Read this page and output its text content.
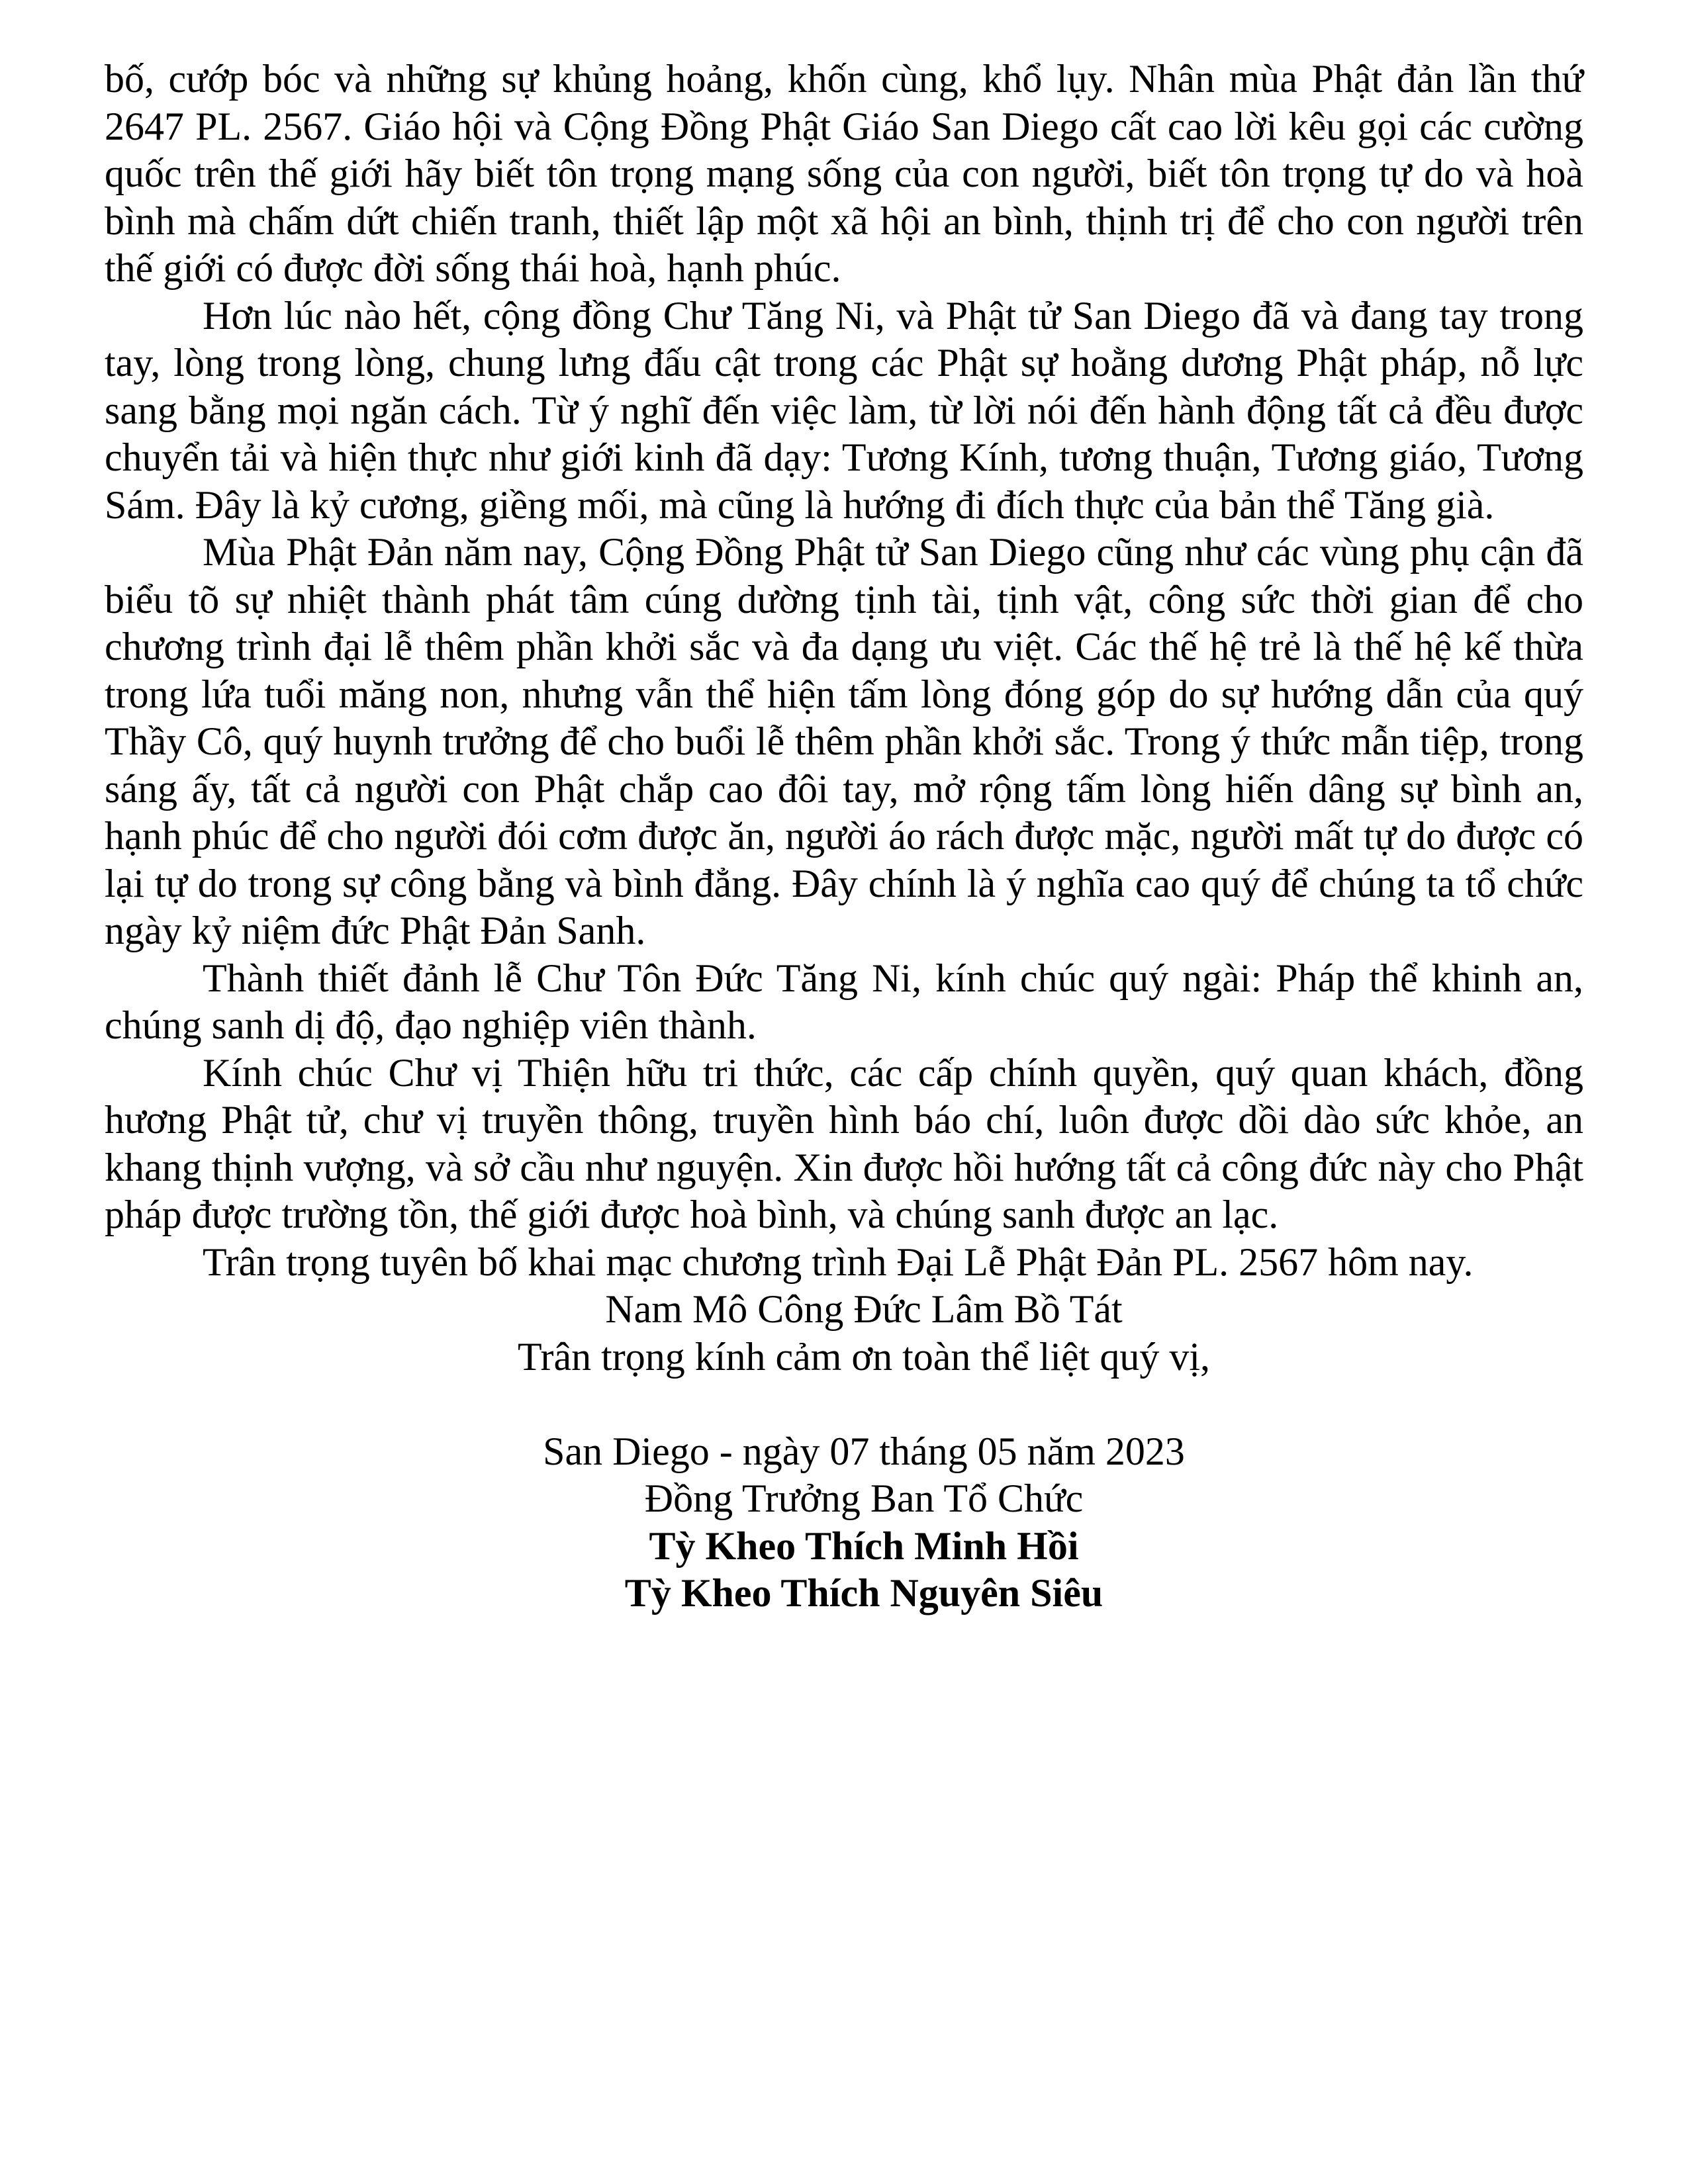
bố, cướp bóc và những sự khủng hoảng, khốn cùng, khổ lụy. Nhân mùa Phật đản lần thứ 2647 PL. 2567. Giáo hội và Cộng Đồng Phật Giáo San Diego cất cao lời kêu gọi các cường quốc trên thế giới hãy biết tôn trọng mạng sống của con người, biết tôn trọng tự do và hoà bình mà chấm dứt chiến tranh, thiết lập một xã hội an bình, thịnh trị để cho con người trên thế giới có được đời sống thái hoà, hạnh phúc.

Hơn lúc nào hết, cộng đồng Chư Tăng Ni, và Phật tử San Diego đã và đang tay trong tay, lòng trong lòng, chung lưng đấu cật trong các Phật sự hoằng dương Phật pháp, nỗ lực sang bằng mọi ngăn cách. Từ ý nghĩ đến việc làm, từ lời nói đến hành động tất cả đều được chuyển tải và hiện thực như giới kinh đã dạy: Tương Kính, tương thuận, Tương giáo, Tương Sám. Đây là kỷ cương, giềng mối, mà cũng là hướng đi đích thực của bản thể Tăng già.

Mùa Phật Đản năm nay, Cộng Đồng Phật tử San Diego cũng như các vùng phụ cận đã biểu tõ sự nhiệt thành phát tâm cúng dường tịnh tài, tịnh vật, công sức thời gian để cho chương trình đại lễ thêm phần khởi sắc và đa dạng ưu việt. Các thế hệ trẻ là thế hệ kế thừa trong lứa tuổi măng non, nhưng vẫn thể hiện tấm lòng đóng góp do sự hướng dẫn của quý Thầy Cô, quý huynh trưởng để cho buổi lễ thêm phần khởi sắc. Trong ý thức mẫn tiệp, trong sáng ấy, tất cả người con Phật chắp cao đôi tay, mở rộng tấm lòng hiến dâng sự bình an, hạnh phúc để cho người đói cơm được ăn, người áo rách được mặc, người mất tự do được có lại tự do trong sự công bằng và bình đẳng. Đây chính là ý nghĩa cao quý để chúng ta tổ chức ngày kỷ niệm đức Phật Đản Sanh.

Thành thiết đảnh lễ Chư Tôn Đức Tăng Ni, kính chúc quý ngài: Pháp thể khinh an, chúng sanh dị độ, đạo nghiệp viên thành.

Kính chúc Chư vị Thiện hữu tri thức, các cấp chính quyền, quý quan khách, đồng hương Phật tử, chư vị truyền thông, truyền hình báo chí, luôn được dồi dào sức khỏe, an khang thịnh vượng, và sở cầu như nguyện. Xin được hồi hướng tất cả công đức này cho Phật pháp được trường tồn, thế giới được hoà bình, và chúng sanh được an lạc.

Trân trọng tuyên bố khai mạc chương trình Đại Lễ Phật Đản PL. 2567 hôm nay.

Nam Mô Công Đức Lâm Bồ Tát
Trân trọng kính cảm ơn toàn thể liệt quý vị,
San Diego - ngày 07 tháng 05 năm 2023
Đồng Trưởng Ban Tổ Chức
Tỳ Kheo Thích Minh Hồi
Tỳ Kheo Thích Nguyên Siêu
